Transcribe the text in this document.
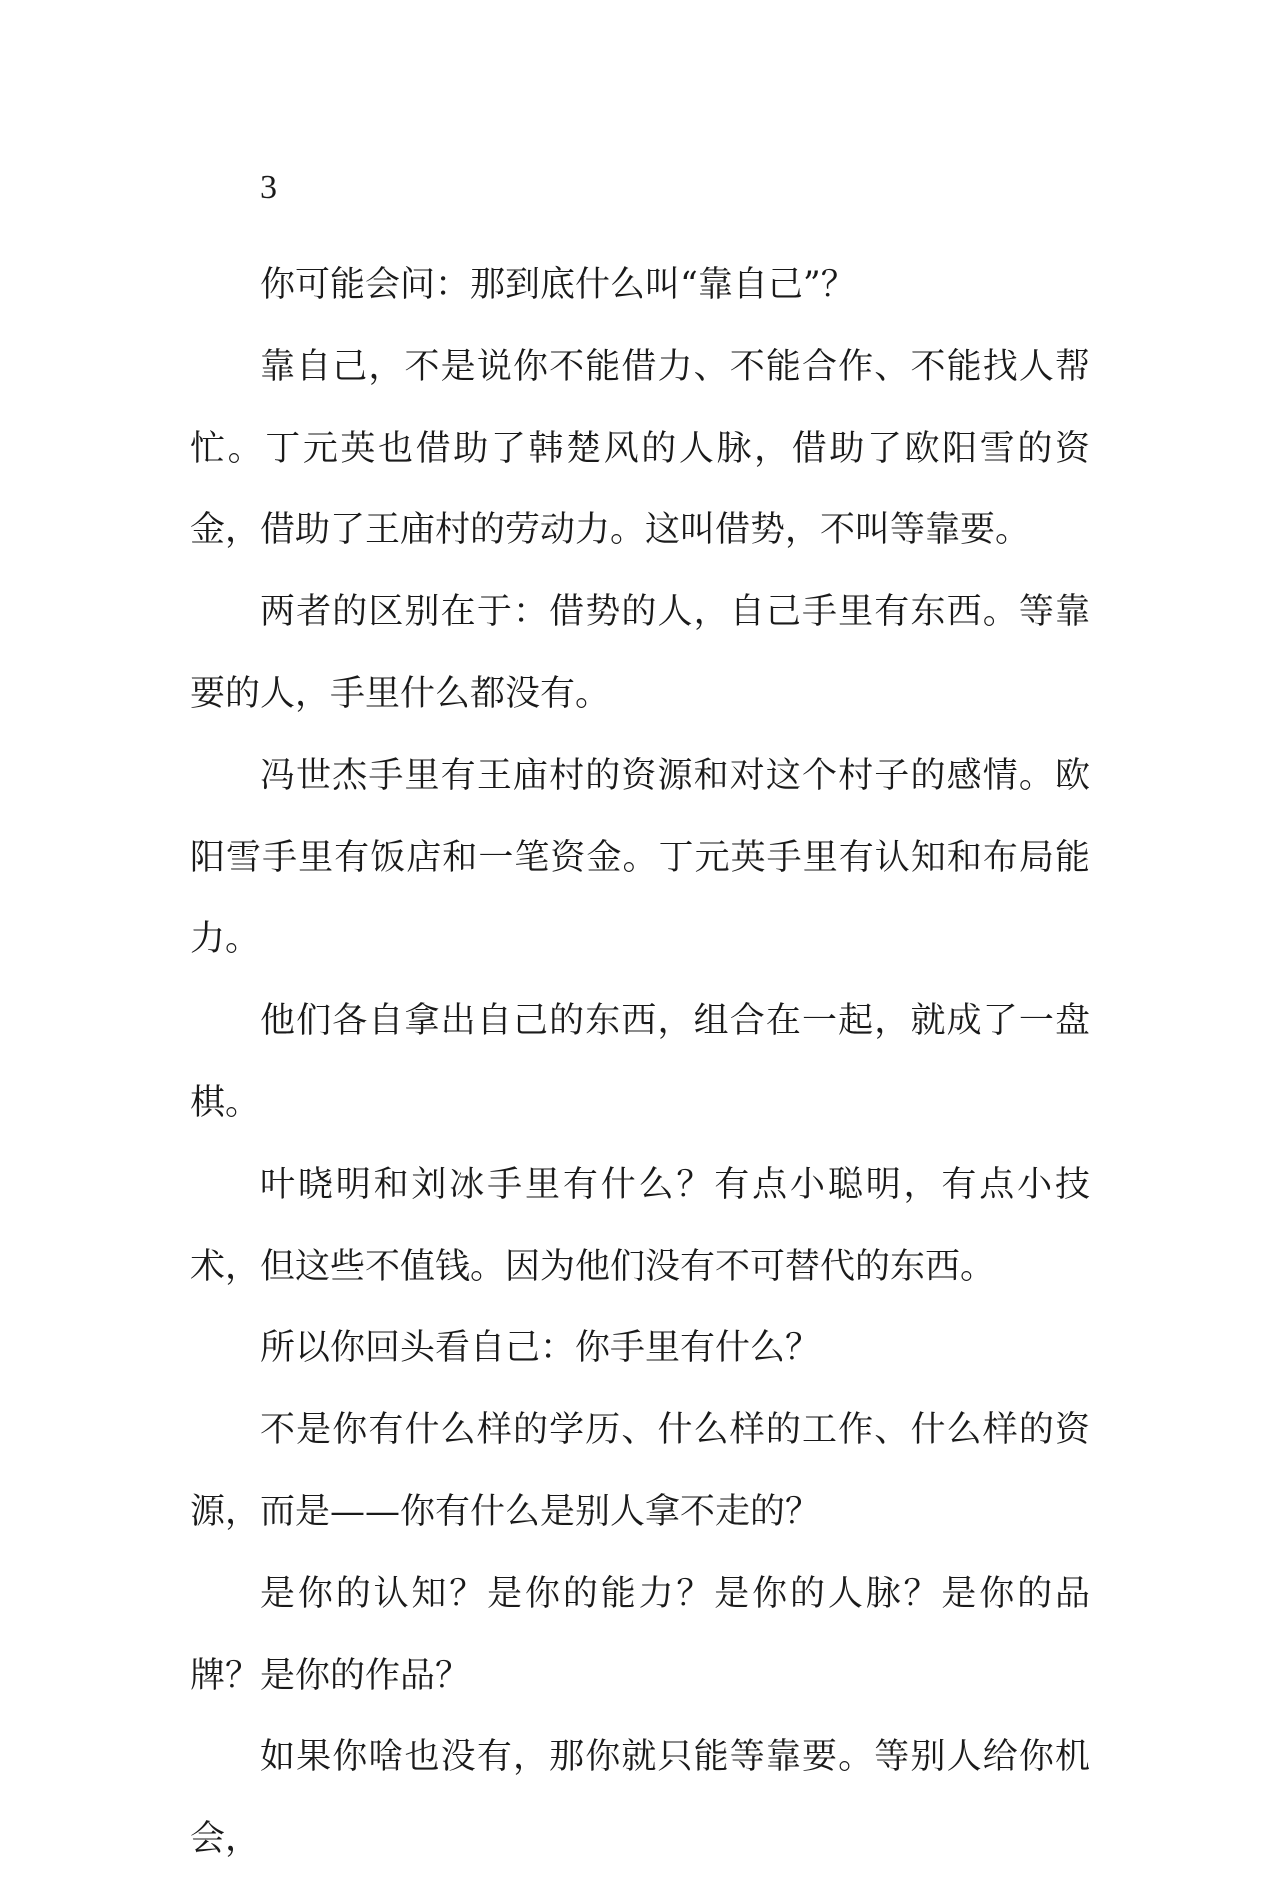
3

你可能会问：那到底什么叫“靠自己”？

靠自己，不是说你不能借力、不能合作、不能找人帮忙。丁元英也借助了韩楚风的人脉，借助了欧阳雪的资金，借助了王庙村的劳动力。这叫借势，不叫等靠要。

两者的区别在于：借势的人，自己手里有东西。等靠要的人，手里什么都没有。

冯世杰手里有王庙村的资源和对这个村子的感情。欧阳雪手里有饭店和一笔资金。丁元英手里有认知和布局能力。

他们各自拿出自己的东西，组合在一起，就成了一盘棋。

叶晓明和刘冰手里有什么？有点小聪明，有点小技术，但这些不值钱。因为他们没有不可替代的东西。

所以你回头看自己：你手里有什么？

不是你有什么样的学历、什么样的工作、什么样的资源，而是——你有什么是别人拿不走的？

是你的认知？是你的能力？是你的人脉？是你的品牌？是你的作品？

如果你啥也没有，那你就只能等靠要。等别人给你机会，
